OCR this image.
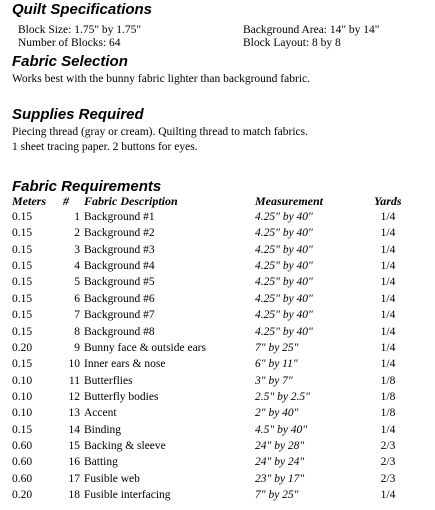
Quilt Specifications
Block Size: 1.75" by 1.75"
Number of Blocks: 64
Background Area: 14" by 14"
Block Layout: 8 by 8
Fabric Selection
Works best with the bunny fabric lighter than background fabric.
Supplies Required
Piecing thread (gray or cream). Quilting thread to match fabrics.
1 sheet tracing paper. 2 buttons for eyes.
Fabric Requirements
Meters # Fabric Description	Measurement	Yards
0.15	1 Background #1	4.25" by 40"	1/4
0.15	2 Background #2	4.25" by 40"	1/4
0.15	3 Background #3	4.25" by 40"	1/4
0.15	4 Background #4	4.25" by 40"	1/4
0.15	5 Background #5	4.25" by 40"	1/4
0.15	6 Background #6	4.25" by 40"	1/4
0.15	7 Background #7	4.25" by 40"	1/4
0.15	8 Background #8	4.25" by 40"	1/4
0.20	9 Bunny face & outside ears	7" by 25"	1/4
0.15	10 Inner ears & nose	6" by 11"	1/4
0.10	11 Butterflies	3" by 7"	1/8
0.10	12 Butterfly bodies	2.5" by 2.5"	1/8
0.10	13 Accent	2" by 40"	1/8
0.15	14 Binding	4.5" by 40"	1/4
0.60	15 Backing & sleeve	24" by 28"	2/3
0.60	16 Batting	24" by 24"	2/3
0.60	17 Fusible web	23" by 17"	2/3
0.20	18 Fusible interfacing	7" by 25"	1/4
